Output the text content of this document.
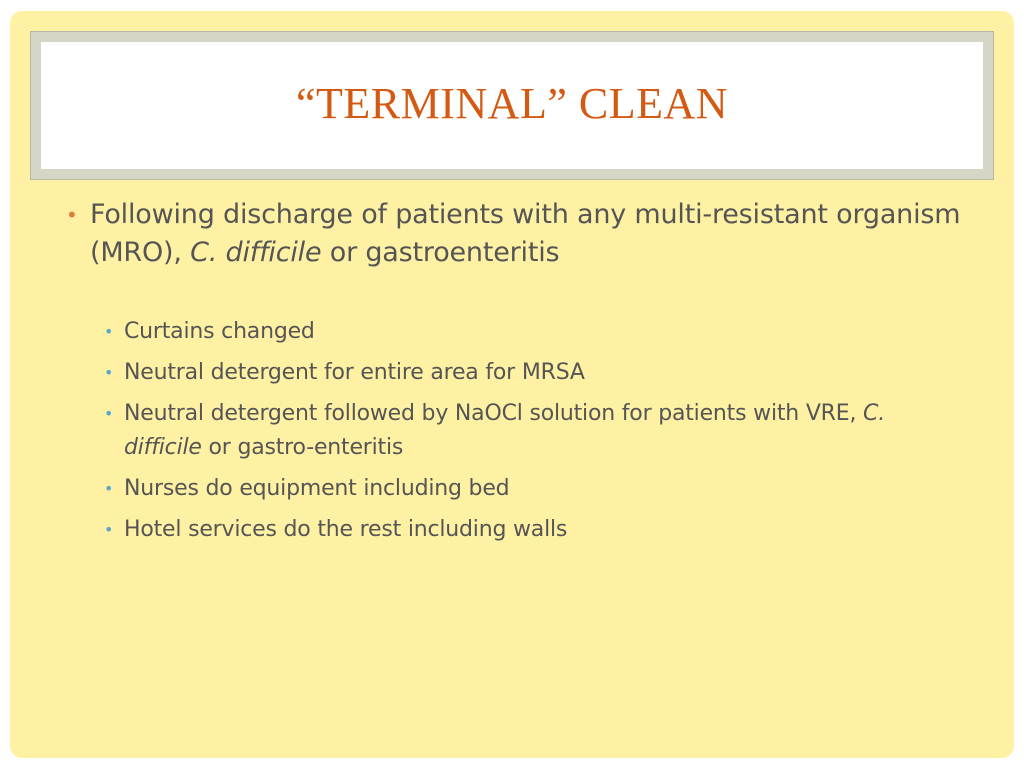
“TERMINAL” CLEAN
• Following discharge of patients with any multi-resistant organism (MRO), C. difficile or gastroenteritis
• Curtains changed
• Neutral detergent for entire area for MRSA
• Neutral detergent followed by NaOCl solution for patients with VRE, C. difficile or gastro-enteritis
• Nurses do equipment including bed
• Hotel services do the rest including walls
